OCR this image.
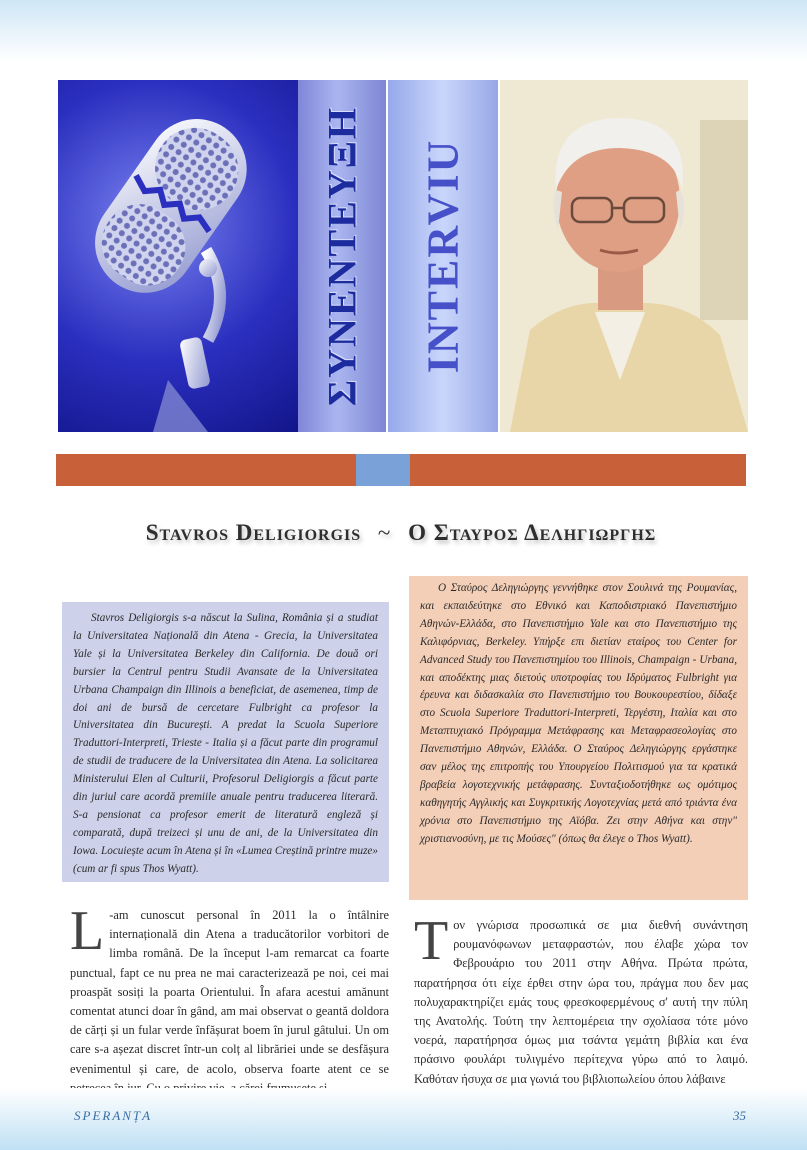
ΣΥΝΕΝΤΕΥΞΗ INTERVIU
Stavros Deligiorgis ~ Ο Σταυρος Δεληγιωργης

Stavros Deligiorgis s-a născut la Sulina, România și a studiat la Universitatea Națională din Atena - Grecia, la Universitatea Yale și la Universitatea Berkeley din California. De două ori bursier la Centrul pentru Studii Avansate de la Universitatea Urbana Champaign din Illinois a beneficiat, de asemenea, timp de doi ani de bursă de cercetare Fulbright ca profesor la Universitatea din București. A predat la Scuola Superiore Traduttori-Interpreti, Trieste - Italia și a făcut parte din programul de studii de traducere de la Universitatea din Atena. La solicitarea Ministerului Elen al Culturii, Profesorul Deligiorgis a făcut parte din juriul care acordă premiile anuale pentru traducerea literară. S-a pensionat ca profesor emerit de literatură engleză și comparată, după treizeci și unu de ani, de la Universitatea din Iowa. Locuiește acum în Atena și în «Lumea Creștină printre muze» (cum ar fi spus Thos Wyatt).

Ο Σταύρος Δεληγιώργης γεννήθηκε στον Σουλινά της Ρουμανίας, και εκπαιδεύτηκε στο Εθνικό και Καποδιστριακό Πανεπιστήμιο Αθηνών-Ελλάδα, στο Πανεπιστήμιο Yale και στο Πανεπιστήμιο της Καλιφόρνιας, Berkeley. Υπήρξε επι διετίαν εταίρος του Center for Advanced Study του Πανεπιστημίου του Illinois, Champaign - Urbana, και αποδέκτης μιας διετούς υποτροφίας του Ιδρύματος Fulbright για έρευνα και διδασκαλία στο Πανεπιστήμιο του Βουκουρεστίου, δίδαξε στο Scuola Superiore Traduttori-Interpreti, Τεργέστη, Ιταλία και στο Μεταπτυχιακό Πρόγραμμα Μετάφρασης και Μεταφρασεολογίας στο Πανεπιστήμιο Αθηνών, Ελλάδα. Ο Σταύρος Δεληγιώργης εργάστηκε σαν μέλος της επιτροπής του Υπουργείου Πολιτισμού για τα κρατικά βραβεία λογοτεχνικής μετάφρασης. Συνταξιοδοτήθηκε ως ομότιμος καθηγητής Αγγλικής και Συγκριτικής Λογοτεχνίας μετά από τριάντα ένα χρόνια στο Πανεπιστήμιο της Αϊόβα. Ζει στην Αθήνα και στην" χριστιανοσύνη, με τις Μούσες" (όπως θα έλεγε ο Thos Wyatt).

L -am cunoscut personal în 2011 la o întâlnire internațională din Atena a traducătorilor vorbitori de limba română. De la început l-am remarcat ca foarte punctual, fapt ce nu prea ne mai caracterizează pe noi, cei mai proaspăt sosiți la poarta Orientului. În afara acestui amănunt comentat atunci doar în gând, am mai observat o geantă doldora de cărți și un fular verde înfășurat boem în jurul gâtului. Un om care s-a așezat discret într-un colț al librăriei unde se desfășura evenimentul și care, de acolo, observa foarte atent ce se

Τον γνώρισα προσωπικά σε μια διεθνή συνάντηση ρουμανόφωνων μεταφραστών, που έλαβε χώρα τον Φεβρουάριο του 2011 στην Αθήνα. Πρώτα πρώτα, παρατήρησα ότι είχε έρθει στην ώρα του, πράγμα που δεν μας πολυχαρακτηρίζει εμάς τους φρεσκοφερμένους σ' αυτή την πύλη της Ανατολής. Τούτη την λεπτομέρεια την σχολίασα τότε μόνο νοερά, παρατήρησα όμως μια τσάντα γεμάτη βιβλία και ένα πράσινο φουλάρι τυλιγμένο περίτεχνα γύρω από το λαιμό. Καθόταν ήσυχα σε μια γωνιά του βιβλιοπωλείου όπου λάβαινε

SPERANȚA	35
